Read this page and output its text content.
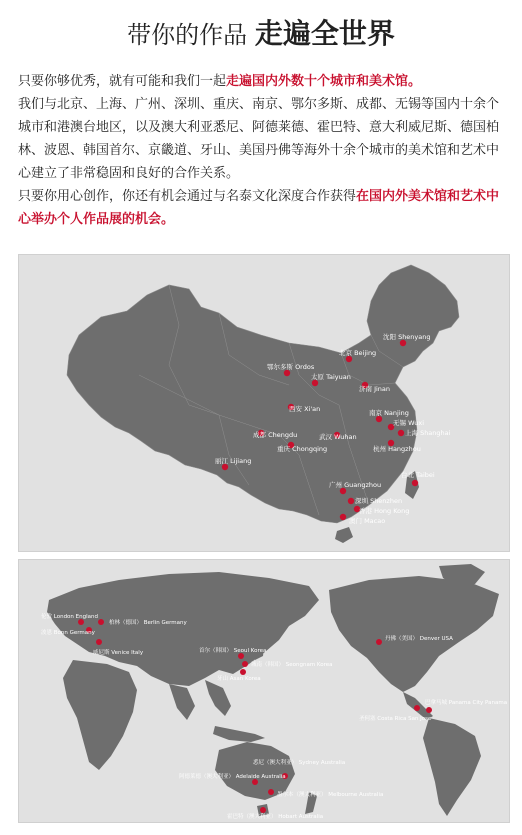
带你的作品 走遍全世界

只要你够优秀，就有可能和我们一起走遍国内外数十个城市和美术馆。

我们与北京、上海、广州、深圳、重庆、南京、鄂尔多斯、成都、无锡等国内十余个城市和港澳台地区，以及澳大利亚悉尼、阿德莱德、霍巴特、意大利威尼斯、德国柏林、波恩、韩国首尔、京畿道、牙山、美国丹佛等海外十余个城市的美术馆和艺术中心建立了非常稳固和良好的合作关系。

只要你用心创作，你还有机会通过与名泰文化深度合作获得在国内外美术馆和艺术中心举办个人作品展的机会。

沈阳 Shenyang
北京 Beijing
鄂尔多斯 Ordos
太原 Taiyuan
济南 Jinan
西安 Xi'an	南京 Nanjing
无锡 Wuxi
上海 Shanghai
杭州 Hangzhou
成都 Chengdu	武汉 Wuhan
重庆 Chongqing
丽江 Lijiang
台北 Taibei
广州 Guangzhou
深圳 Shenzhen
香港 Hong Kong
澳门 Macao
伦敦 London England
波恩 Bonn Germany
柏林（德国） Berlin Germany
威尼斯 Venice Italy	首尔（韩国） Seoul Korea
城南（韩国） Seongnam Korea
牙山 Asan Korea
丹佛（美国） Denver USA
圣何塞 Costa Rica San Jose
巴拿马城 Panama City Panama
悉尼（澳大利亚） Sydney Australia
阿德莱德（澳大利亚） Adelaide Australia
墨尔本（澳大利亚） Melbourne Australia
霍巴特（澳大利亚） Hobart Australia
